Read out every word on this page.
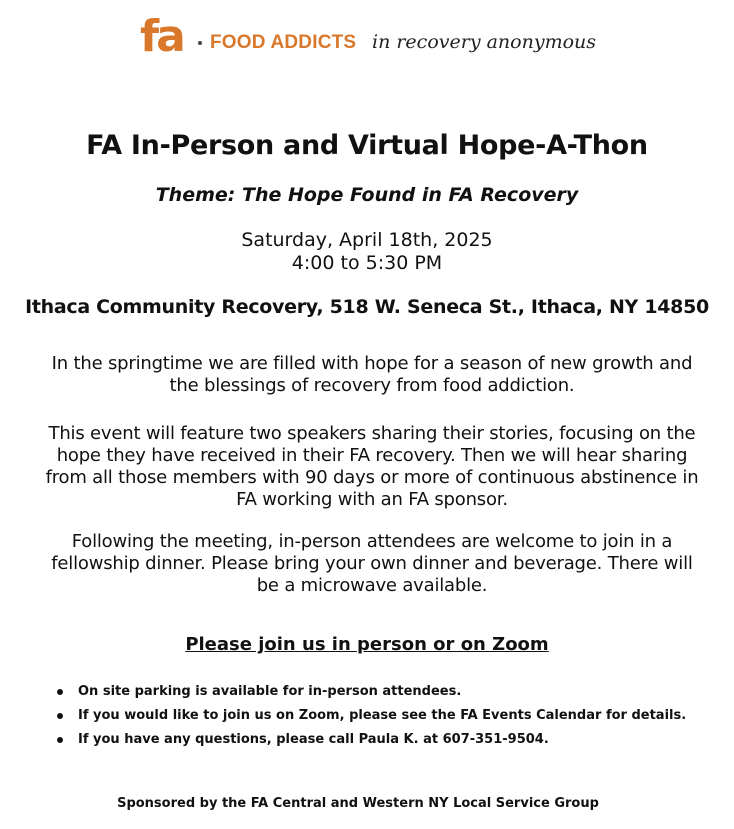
fa	FOOD ADDICTS in recovery anonymous
FA In-Person and Virtual Hope-A-Thon
Theme: The Hope Found in FA Recovery
Saturday, April 18th, 2025
4:00 to 5:30 PM
Ithaca Community Recovery, 518 W. Seneca St., Ithaca, NY 14850
In the springtime we are filled with hope for a season of new growth and the blessings of recovery from food addiction.
This event will feature two speakers sharing their stories, focusing on the hope they have received in their FA recovery. Then we will hear sharing from all those members with 90 days or more of continuous abstinence in FA working with an FA sponsor.
Following the meeting, in-person attendees are welcome to join in a fellowship dinner. Please bring your own dinner and beverage. There will be a microwave available.
Please join us in person or on Zoom
On site parking is available for in-person attendees.
If you would like to join us on Zoom, please see the FA Events Calendar for details.
If you have any questions, please call Paula K. at 607-351-9504.
Sponsored by the FA Central and Western NY Local Service Group
